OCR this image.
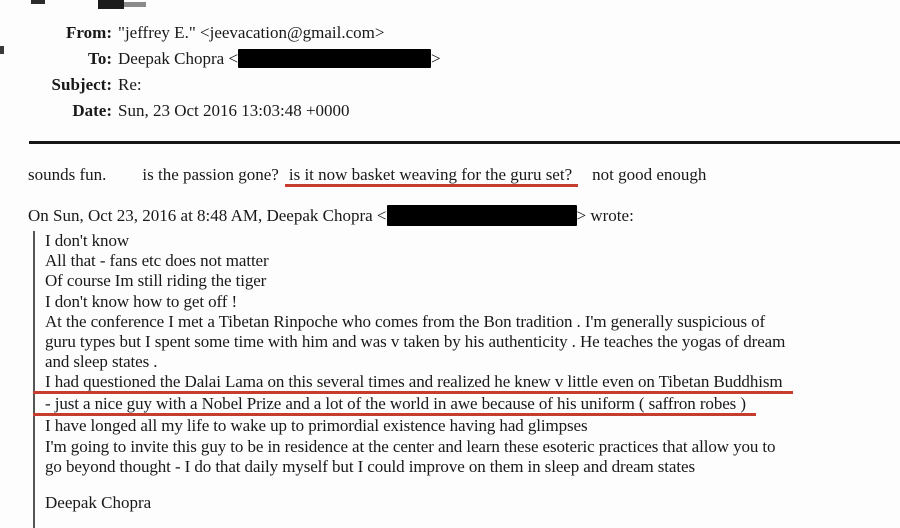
From: "jeffrey E." <jeevacation@gmail.com>
To: Deepak Chopra <	>
Subject: Re:
Date: Sun, 23 Oct 2016 13:03:48 +0000
sounds fun. is the passion gone? is it now basket weaving for the guru set? not good enough
On Sun, Oct 23, 2016 at 8:48 AM, Deepak Chopra <	> wrote:
I don't know
All that - fans etc does not matter
Of course Im still riding the tiger
I don't know how to get off !
At the conference I met a Tibetan Rinpoche who comes from the Bon tradition . I'm generally suspicious of
guru types but I spent some time with him and was v taken by his authenticity . He teaches the yogas of dream
and sleep states .
I had questioned the Dalai Lama on this several times and realized he knew v little even on Tibetan Buddhism
- just a nice guy with a Nobel Prize and a lot of the world in awe because of his uniform ( saffron robes )
I have longed all my life to wake up to primordial existence having had glimpses
I'm going to invite this guy to be in residence at the center and learn these esoteric practices that allow you to
go beyond thought - I do that daily myself but I could improve on them in sleep and dream states
Deepak Chopra
